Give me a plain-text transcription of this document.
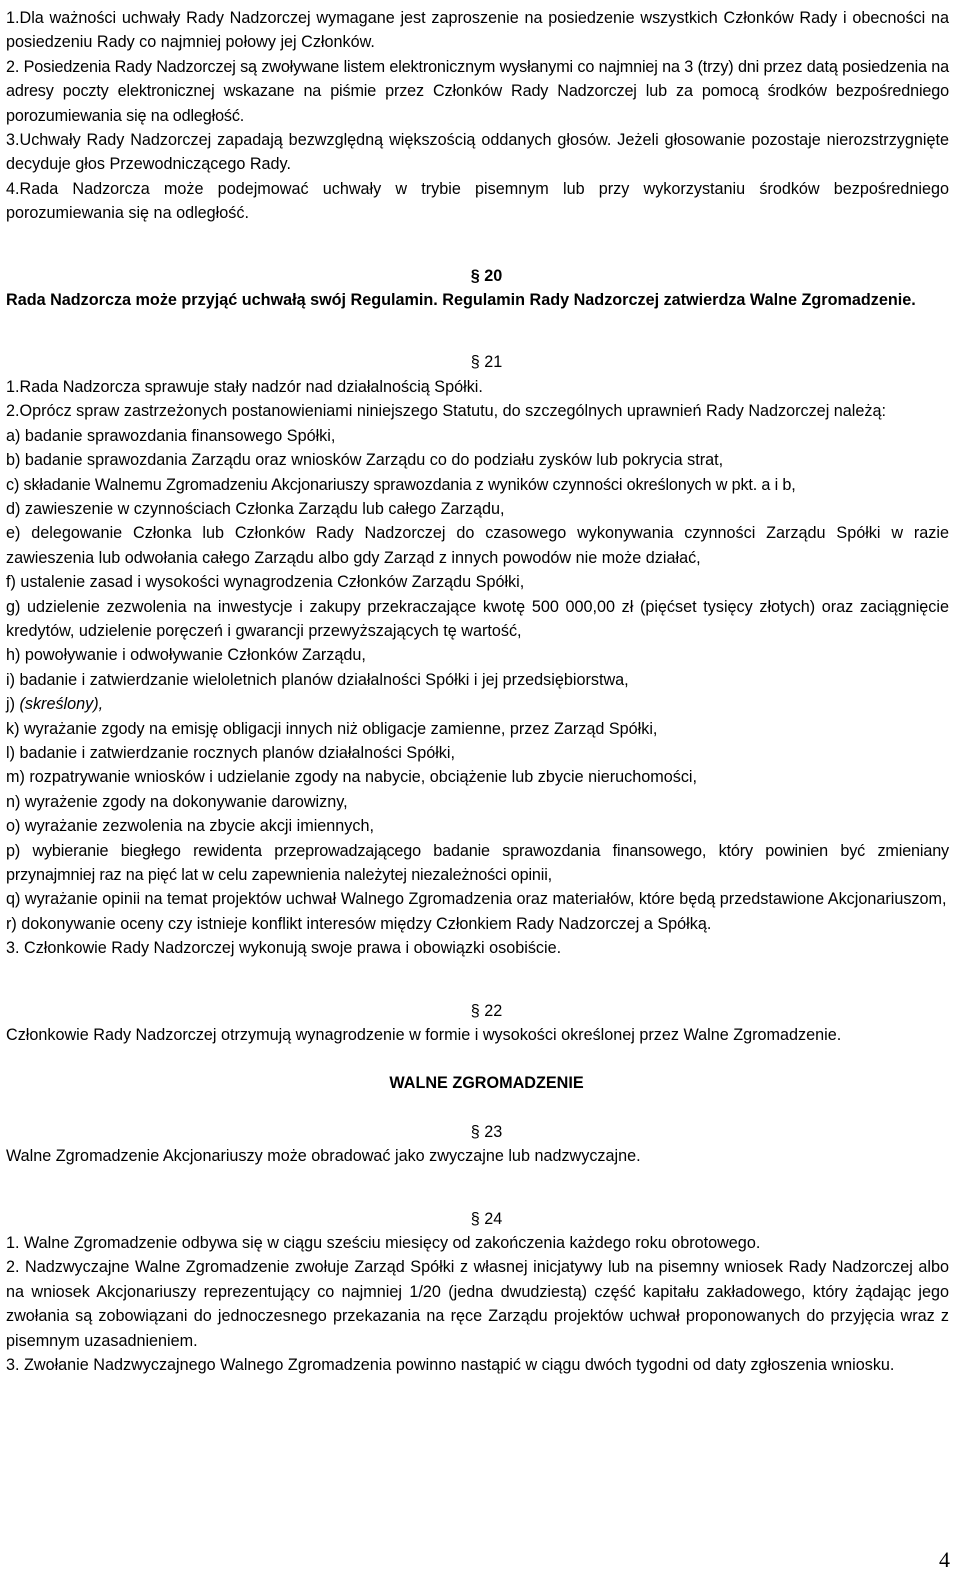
1.Dla ważności uchwały Rady Nadzorczej wymagane jest zaproszenie na posiedzenie wszystkich Członków Rady i obecności na posiedzeniu Rady co najmniej połowy jej Członków.

2. Posiedzenia Rady Nadzorczej są zwoływane listem elektronicznym wysłanymi co najmniej na 3 (trzy) dni przez datą posiedzenia na adresy poczty elektronicznej wskazane na piśmie przez Członków Rady Nadzorczej lub za pomocą środków bezpośredniego porozumiewania się na odległość.

3.Uchwały Rady Nadzorczej zapadają bezwzględną większością oddanych głosów. Jeżeli głosowanie pozostaje nierozstrzygnięte decyduje głos Przewodniczącego Rady.

4.Rada Nadzorcza może podejmować uchwały w trybie pisemnym lub przy wykorzystaniu środków bezpośredniego porozumiewania się na odległość.

§ 20

Rada Nadzorcza może przyjąć uchwałą swój Regulamin. Regulamin Rady Nadzorczej zatwierdza Walne Zgromadzenie.

§ 21

1.Rada Nadzorcza sprawuje stały nadzór nad działalnością Spółki.

2.Oprócz spraw zastrzeżonych postanowieniami niniejszego Statutu, do szczególnych uprawnień Rady Nadzorczej należą:

a) badanie sprawozdania finansowego Spółki,

b) badanie sprawozdania Zarządu oraz wniosków Zarządu co do podziału zysków lub pokrycia strat,

c) składanie Walnemu Zgromadzeniu Akcjonariuszy sprawozdania z wyników czynności określonych w pkt. a i b,

d) zawieszenie w czynnościach Członka Zarządu lub całego Zarządu,

e) delegowanie Członka lub Członków Rady Nadzorczej do czasowego wykonywania czynności Zarządu Spółki w razie zawieszenia lub odwołania całego Zarządu albo gdy Zarząd z innych powodów nie może działać,

f) ustalenie zasad i wysokości wynagrodzenia Członków Zarządu Spółki,

g) udzielenie zezwolenia na inwestycje i zakupy przekraczające kwotę 500 000,00 zł (pięćset tysięcy złotych) oraz zaciągnięcie kredytów, udzielenie poręczeń i gwarancji przewyższających tę wartość,

h) powoływanie i odwoływanie Członków Zarządu,

i) badanie i zatwierdzanie wieloletnich planów działalności Spółki i jej przedsiębiorstwa,

j) (skreślony),

k) wyrażanie zgody na emisję obligacji innych niż obligacje zamienne, przez Zarząd Spółki,

l) badanie i zatwierdzanie rocznych planów działalności Spółki,

m) rozpatrywanie wniosków i udzielanie zgody na nabycie, obciążenie lub zbycie nieruchomości,

n) wyrażenie zgody na dokonywanie darowizny,

o) wyrażanie zezwolenia na zbycie akcji imiennych,

p) wybieranie biegłego rewidenta przeprowadzającego badanie sprawozdania finansowego, który powinien być zmieniany przynajmniej raz na pięć lat w celu zapewnienia należytej niezależności opinii,

q) wyrażanie opinii na temat projektów uchwał Walnego Zgromadzenia oraz materiałów, które będą przedstawione Akcjonariuszom,

r) dokonywanie oceny czy istnieje konflikt interesów między Członkiem Rady Nadzorczej a Spółką.

3. Członkowie Rady Nadzorczej wykonują swoje prawa i obowiązki osobiście.

§ 22

Członkowie Rady Nadzorczej otrzymują wynagrodzenie w formie i wysokości określonej przez Walne Zgromadzenie.

WALNE ZGROMADZENIE

§ 23

Walne Zgromadzenie Akcjonariuszy może obradować jako zwyczajne lub nadzwyczajne.

§ 24

1. Walne Zgromadzenie odbywa się w ciągu sześciu miesięcy od zakończenia każdego roku obrotowego.

2. Nadzwyczajne Walne Zgromadzenie zwołuje Zarząd Spółki z własnej inicjatywy lub na pisemny wniosek Rady Nadzorczej albo na wniosek Akcjonariuszy reprezentujący co najmniej 1/20 (jedna dwudziestą) część kapitału zakładowego, który żądając jego zwołania są zobowiązani do jednoczesnego przekazania na ręce Zarządu projektów uchwał proponowanych do przyjęcia wraz z pisemnym uzasadnieniem.

3. Zwołanie Nadzwyczajnego Walnego Zgromadzenia powinno nastąpić w ciągu dwóch tygodni od daty zgłoszenia wniosku.

4
